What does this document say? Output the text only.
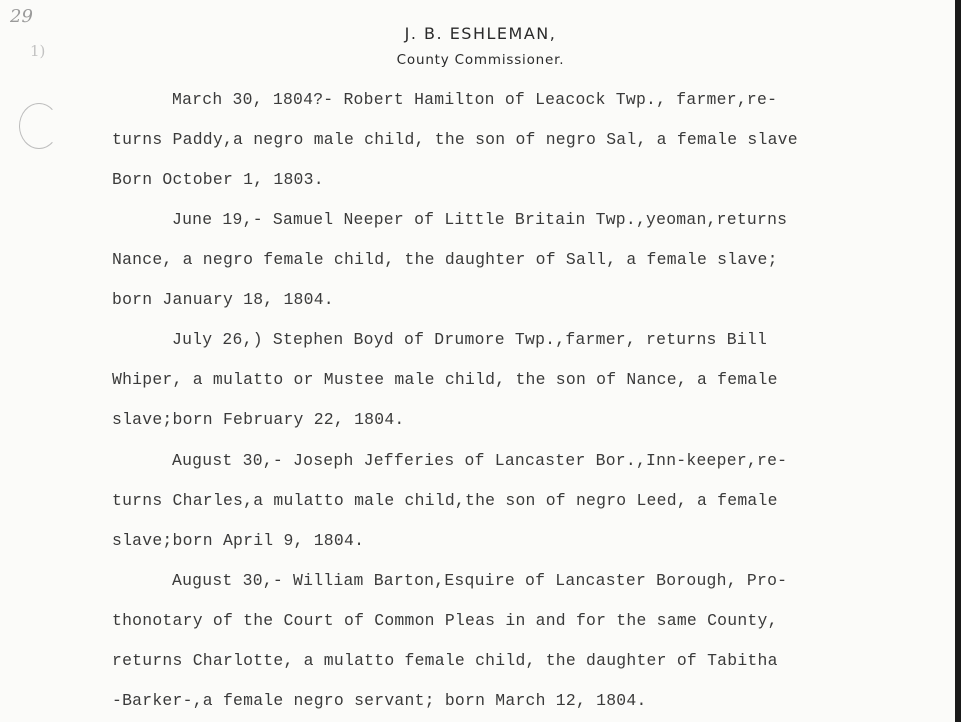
29
1)
J. B. ESHLEMAN,
County Commissioner.
March 30, 1804?- Robert Hamilton of Leacock Twp., farmer,re-
turns Paddy,a negro male child, the son of negro Sal, a female slave
Born October 1, 1803.
June 19,- Samuel Neeper of Little Britain Twp.,yeoman,returns
Nance, a negro female child, the daughter of Sall, a female slave;
born January 18, 1804.
July 26,) Stephen Boyd of Drumore Twp.,farmer, returns Bill
Whiper, a mulatto or Mustee male child, the son of Nance, a female
slave;born February 22, 1804.
August 30,- Joseph Jefferies of Lancaster Bor.,Inn-keeper,re-
turns Charles,a mulatto male child,the son of negro Leed, a female
slave;born April 9, 1804.
August 30,- William Barton,Esquire of Lancaster Borough, Pro-
thonotary of the Court of Common Pleas in and for the same County,
returns Charlotte, a mulatto female child, the daughter of Tabitha
-Barker-,a female negro servant; born March 12, 1804.
